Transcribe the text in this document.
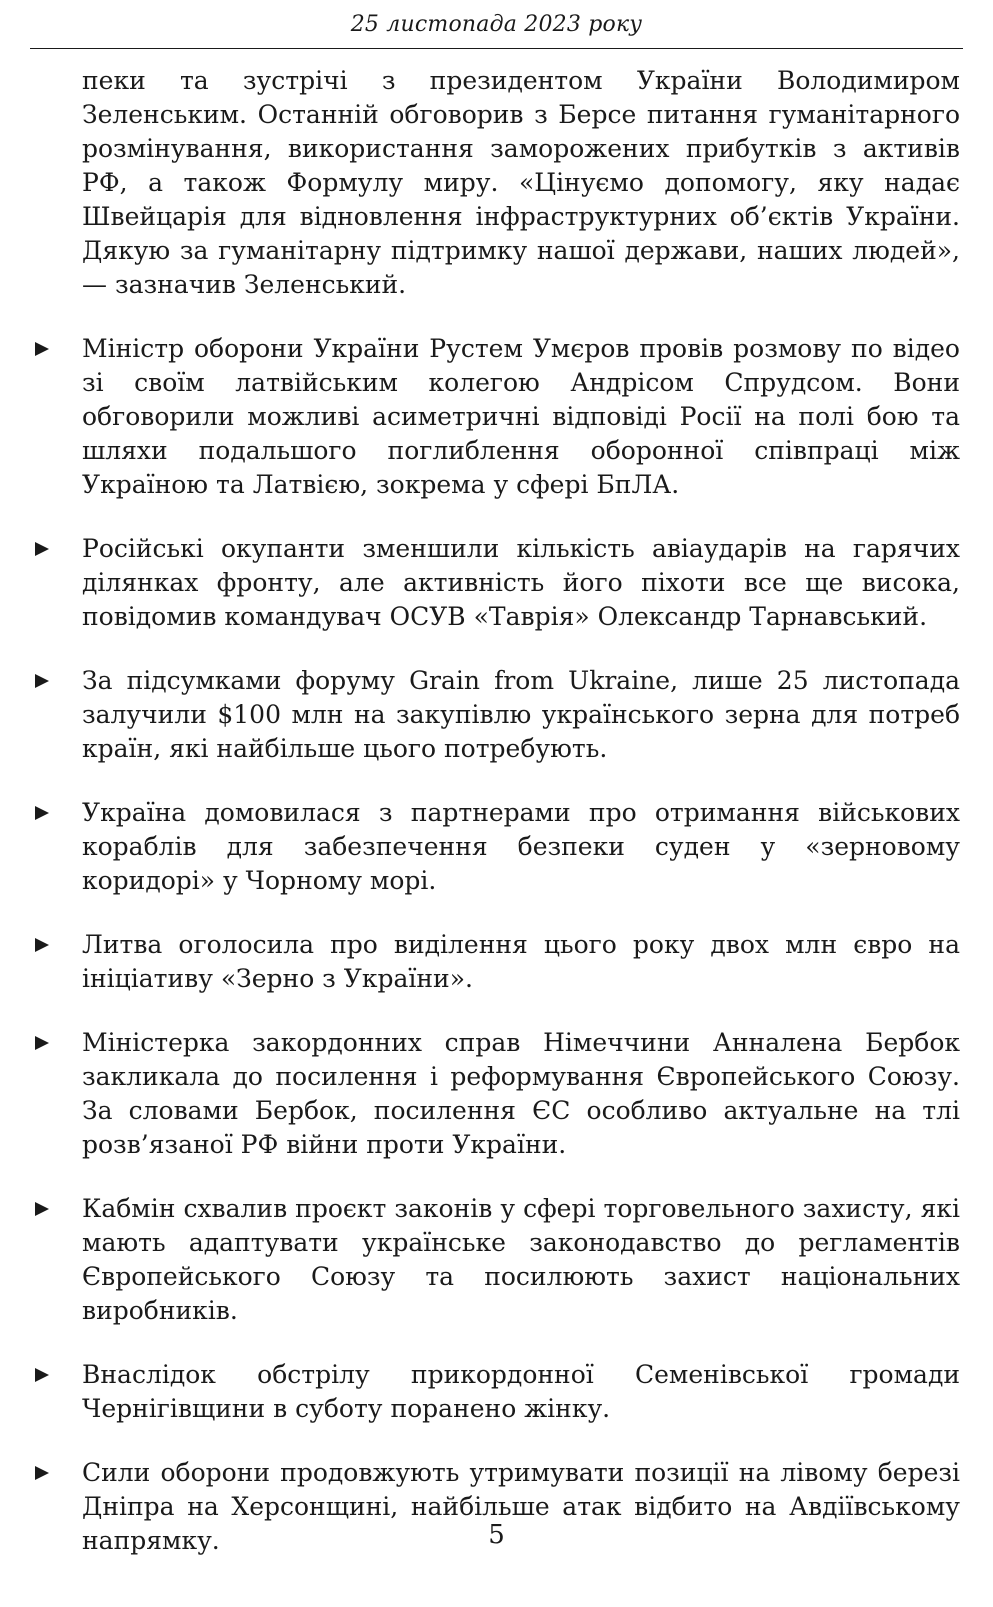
25 листопада 2023 року

пеки та зустрічі з президентом України Володимиром Зеленським. Останній обговорив з Берсе питання гуманітарного розмінування, використання заморожених прибутків з активів РФ, а також Формулу миру. «Цінуємо допомогу, яку надає Швейцарія для відновлення інфраструктурних об’єктів України. Дякую за гуманітарну підтримку нашої держави, наших людей», — зазначив Зеленський.

Міністр оборони України Рустем Умєров провів розмову по відео зі своїм латвійським колегою Андрісом Спрудсом. Вони обговорили можливі асиметричні відповіді Росії на полі бою та шляхи подальшого поглиблення оборонної співпраці між Україною та Латвією, зокрема у сфері БпЛА.

Російські окупанти зменшили кількість авіаударів на гарячих ділянках фронту, але активність його піхоти все ще висока, повідомив командувач ОСУВ «Таврія» Олександр Тарнавський.

За підсумками форуму Grain from Ukraine, лише 25 листопада залучили $100 млн на закупівлю українського зерна для потреб країн, які найбільше цього потребують.

Україна домовилася з партнерами про отримання військових кораблів для забезпечення безпеки суден у «зерновому коридорі» у Чорному морі.

Литва оголосила про виділення цього року двох млн євро на ініціативу «Зерно з України».

Міністерка закордонних справ Німеччини Анналена Бербок закликала до посилення і реформування Європейського Союзу. За словами Бербок, посилення ЄС особливо актуальне на тлі розв’язаної РФ війни проти України.

Кабмін схвалив проєкт законів у сфері торговельного захисту, які мають адаптувати українське законодавство до регламентів Європейського Союзу та посилюють захист національних виробників.

Внаслідок обстрілу прикордонної Семенівської громади Чернігівщини в суботу поранено жінку.

Сили оборони продовжують утримувати позиції на лівому березі Дніпра на Херсонщині, найбільше атак відбито на Авдіївському напрямку.	5
